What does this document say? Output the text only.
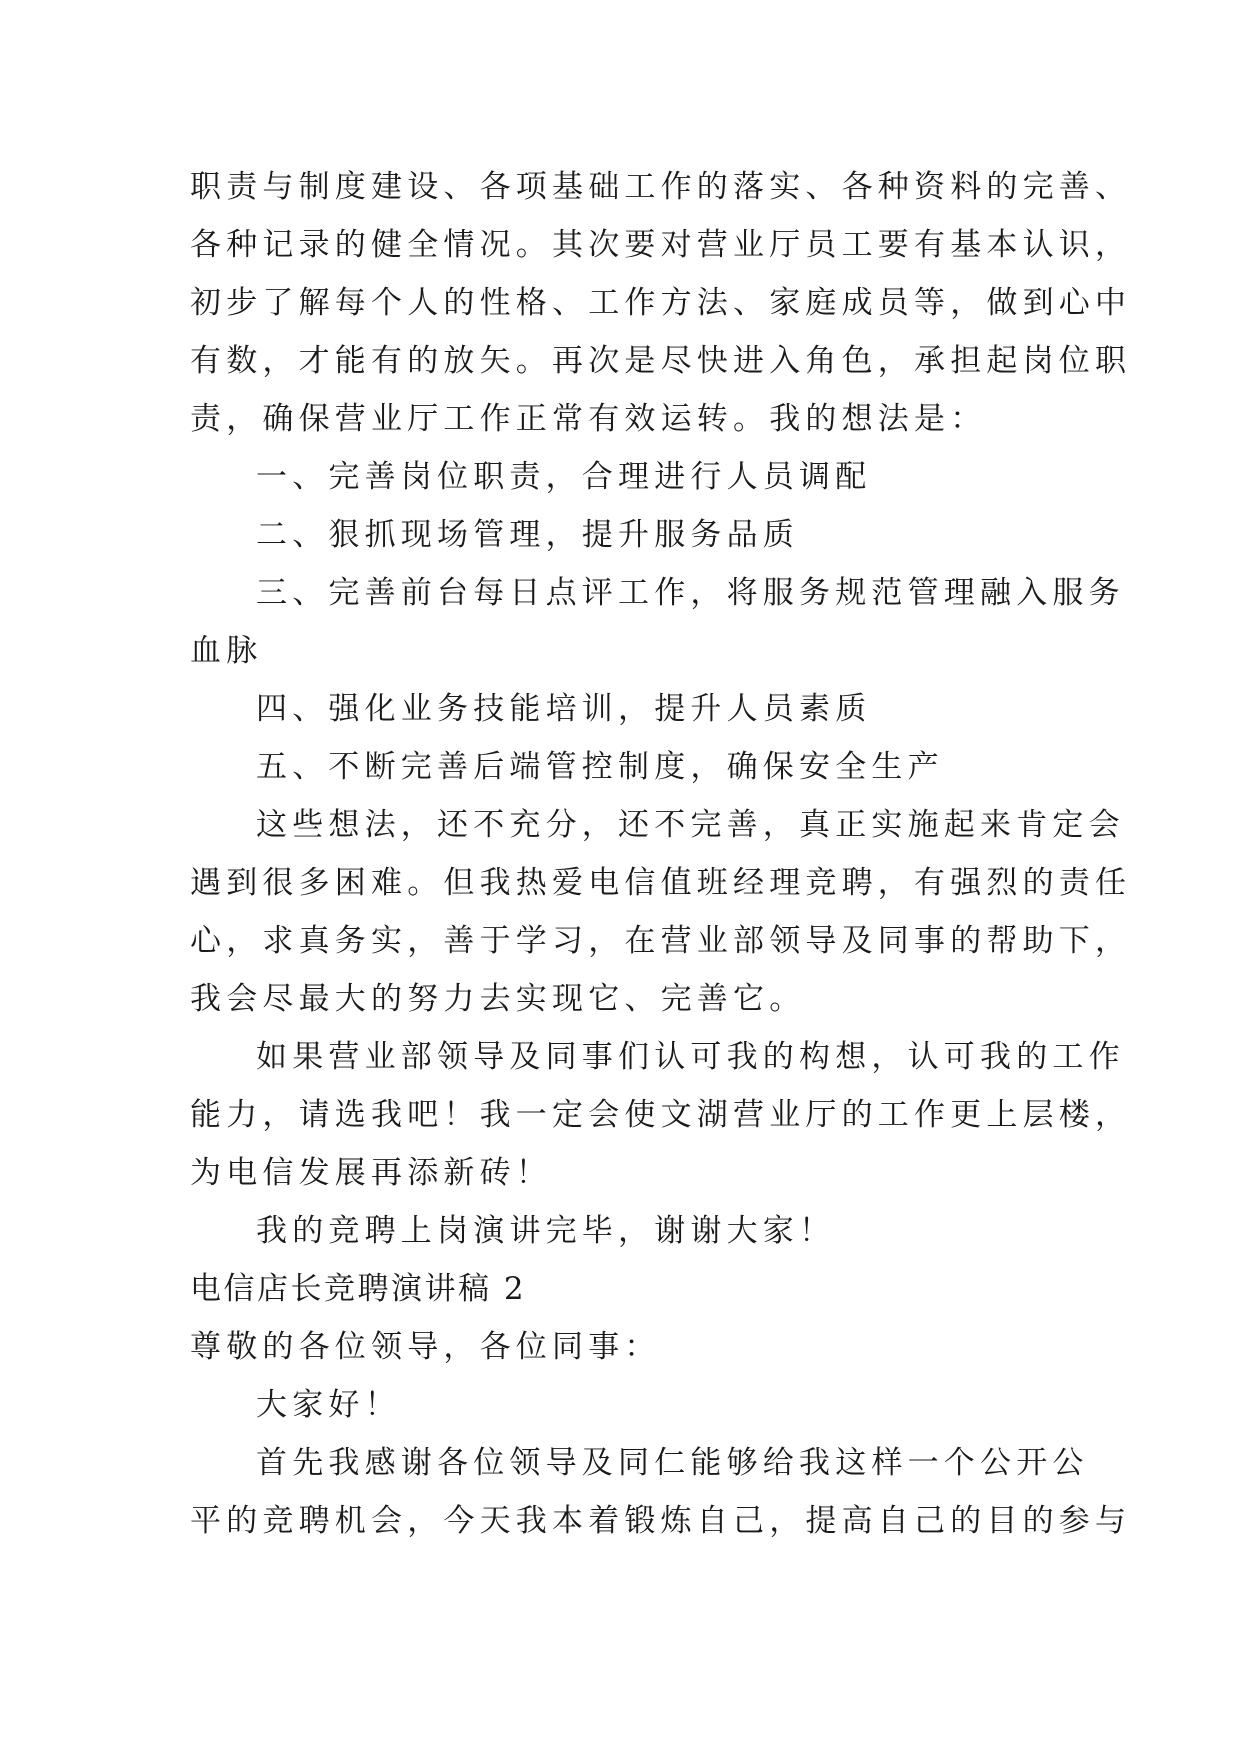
职责与制度建设、各项基础工作的落实、各种资料的完善、
各种记录的健全情况。其次要对营业厅员工要有基本认识，
初步了解每个人的性格、工作方法、家庭成员等，做到心中
有数，才能有的放矢。再次是尽快进入角色，承担起岗位职
责，确保营业厅工作正常有效运转。我的想法是：
一、完善岗位职责，合理进行人员调配
二、狠抓现场管理，提升服务品质
三、完善前台每日点评工作，将服务规范管理融入服务
血脉
四、强化业务技能培训，提升人员素质
五、不断完善后端管控制度，确保安全生产
这些想法，还不充分，还不完善，真正实施起来肯定会
遇到很多困难。但我热爱电信值班经理竞聘，有强烈的责任
心，求真务实，善于学习，在营业部领导及同事的帮助下，
我会尽最大的努力去实现它、完善它。
如果营业部领导及同事们认可我的构想，认可我的工作
能力，请选我吧！我一定会使文湖营业厅的工作更上层楼，
为电信发展再添新砖！
我的竞聘上岗演讲完毕，谢谢大家！
电信店长竞聘演讲稿 2
尊敬的各位领导，各位同事：
大家好！
首先我感谢各位领导及同仁能够给我这样一个公开公
平的竞聘机会，今天我本着锻炼自己，提高自己的目的参与
